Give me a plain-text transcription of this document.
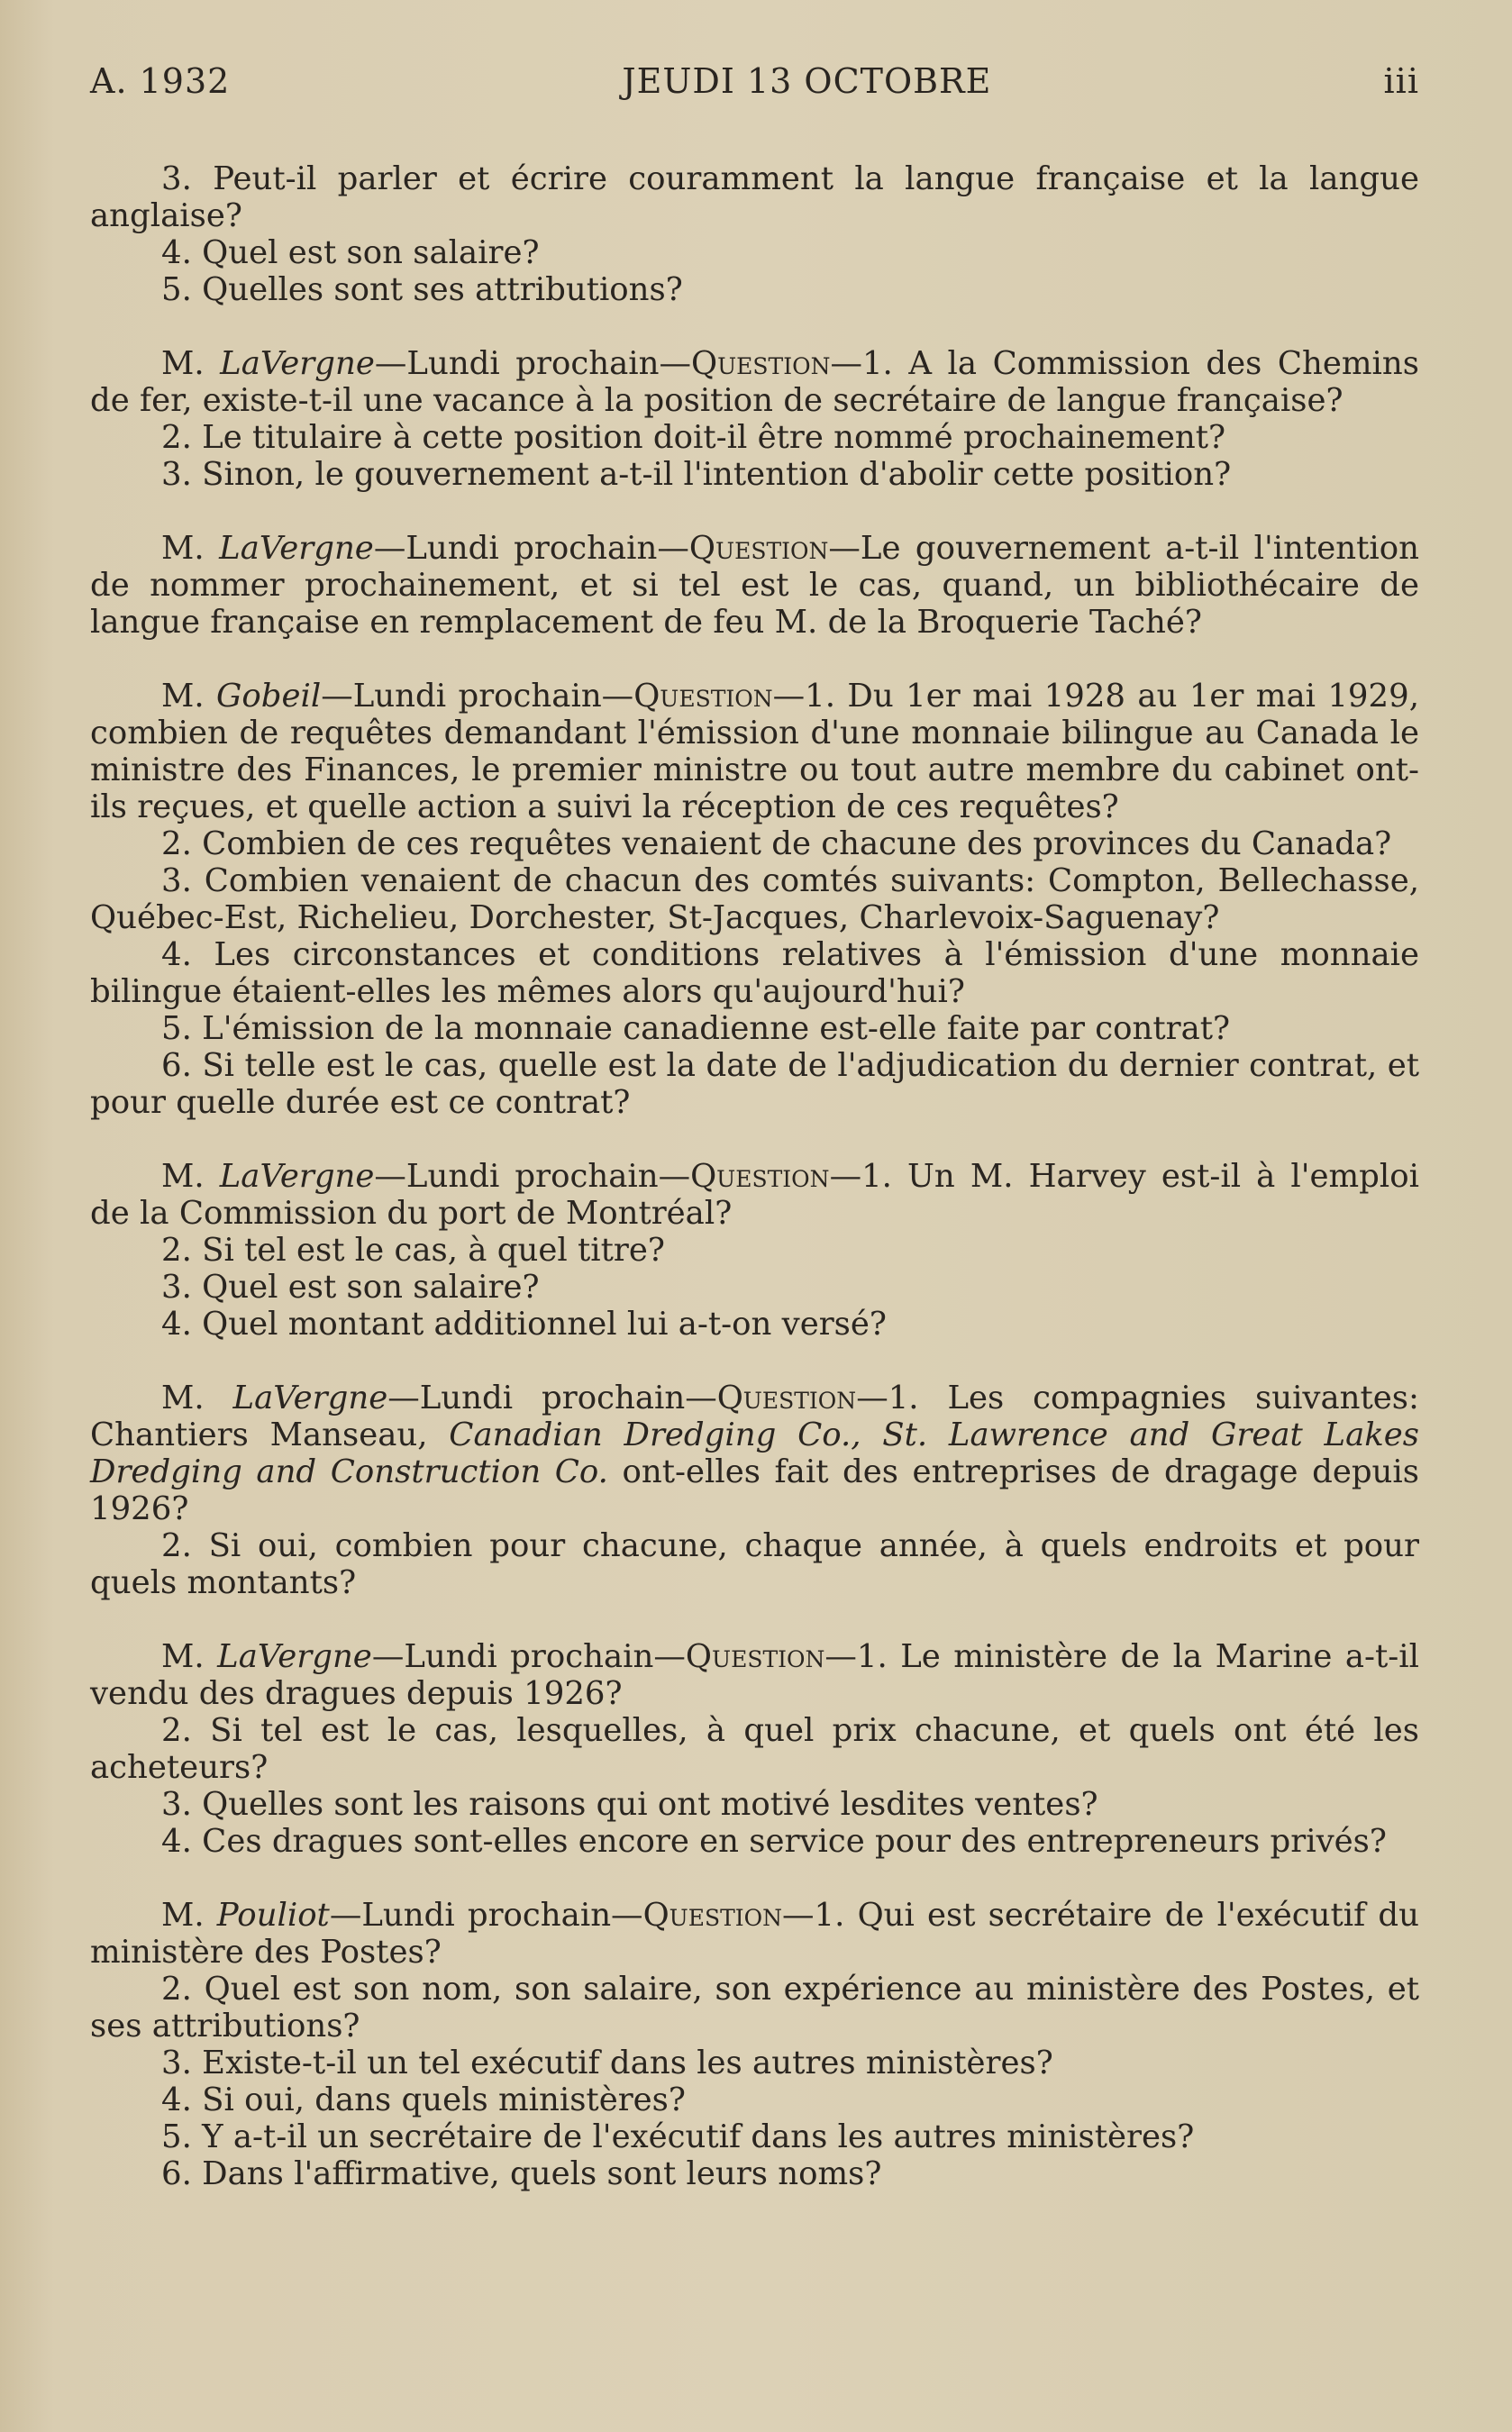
A. 1932	JEUDI 13 OCTOBRE	iii

3. Peut-il parler et écrire couramment la langue française et la langue anglaise?

4. Quel est son salaire?

5. Quelles sont ses attributions?

M. LaVergne—Lundi prochain—Question—1. A la Commission des Chemins de fer, existe-t-il une vacance à la position de secrétaire de langue française?

2. Le titulaire à cette position doit-il être nommé prochainement?

3. Sinon, le gouvernement a-t-il l'intention d'abolir cette position?

M. LaVergne—Lundi prochain—Question—Le gouvernement a-t-il l'intention de nommer prochainement, et si tel est le cas, quand, un bibliothécaire de langue française en remplacement de feu M. de la Broquerie Taché?

M. Gobeil—Lundi prochain—Question—1. Du 1er mai 1928 au 1er mai 1929, combien de requêtes demandant l'émission d'une monnaie bilingue au Canada le ministre des Finances, le premier ministre ou tout autre membre du cabinet ont-ils reçues, et quelle action a suivi la réception de ces requêtes?

2. Combien de ces requêtes venaient de chacune des provinces du Canada?

3. Combien venaient de chacun des comtés suivants: Compton, Bellechasse, Québec-Est, Richelieu, Dorchester, St-Jacques, Charlevoix-Saguenay?

4. Les circonstances et conditions relatives à l'émission d'une monnaie bilingue étaient-elles les mêmes alors qu'aujourd'hui?

5. L'émission de la monnaie canadienne est-elle faite par contrat?

6. Si telle est le cas, quelle est la date de l'adjudication du dernier contrat, et pour quelle durée est ce contrat?

M. LaVergne—Lundi prochain—Question—1. Un M. Harvey est-il à l'emploi de la Commission du port de Montréal?

2. Si tel est le cas, à quel titre?

3. Quel est son salaire?

4. Quel montant additionnel lui a-t-on versé?

M. LaVergne—Lundi prochain—Question—1. Les compagnies suivantes: Chantiers Manseau, Canadian Dredging Co., St. Lawrence and Great Lakes Dredging and Construction Co. ont-elles fait des entreprises de dragage depuis 1926?

2. Si oui, combien pour chacune, chaque année, à quels endroits et pour quels montants?

M. LaVergne—Lundi prochain—Question—1. Le ministère de la Marine a-t-il vendu des dragues depuis 1926?

2. Si tel est le cas, lesquelles, à quel prix chacune, et quels ont été les acheteurs?

3. Quelles sont les raisons qui ont motivé lesdites ventes?

4. Ces dragues sont-elles encore en service pour des entrepreneurs privés?

M. Pouliot—Lundi prochain—Question—1. Qui est secrétaire de l'exécutif du ministère des Postes?

2. Quel est son nom, son salaire, son expérience au ministère des Postes, et ses attributions?

3. Existe-t-il un tel exécutif dans les autres ministères?

4. Si oui, dans quels ministères?

5. Y a-t-il un secrétaire de l'exécutif dans les autres ministères?

6. Dans l'affirmative, quels sont leurs noms?
